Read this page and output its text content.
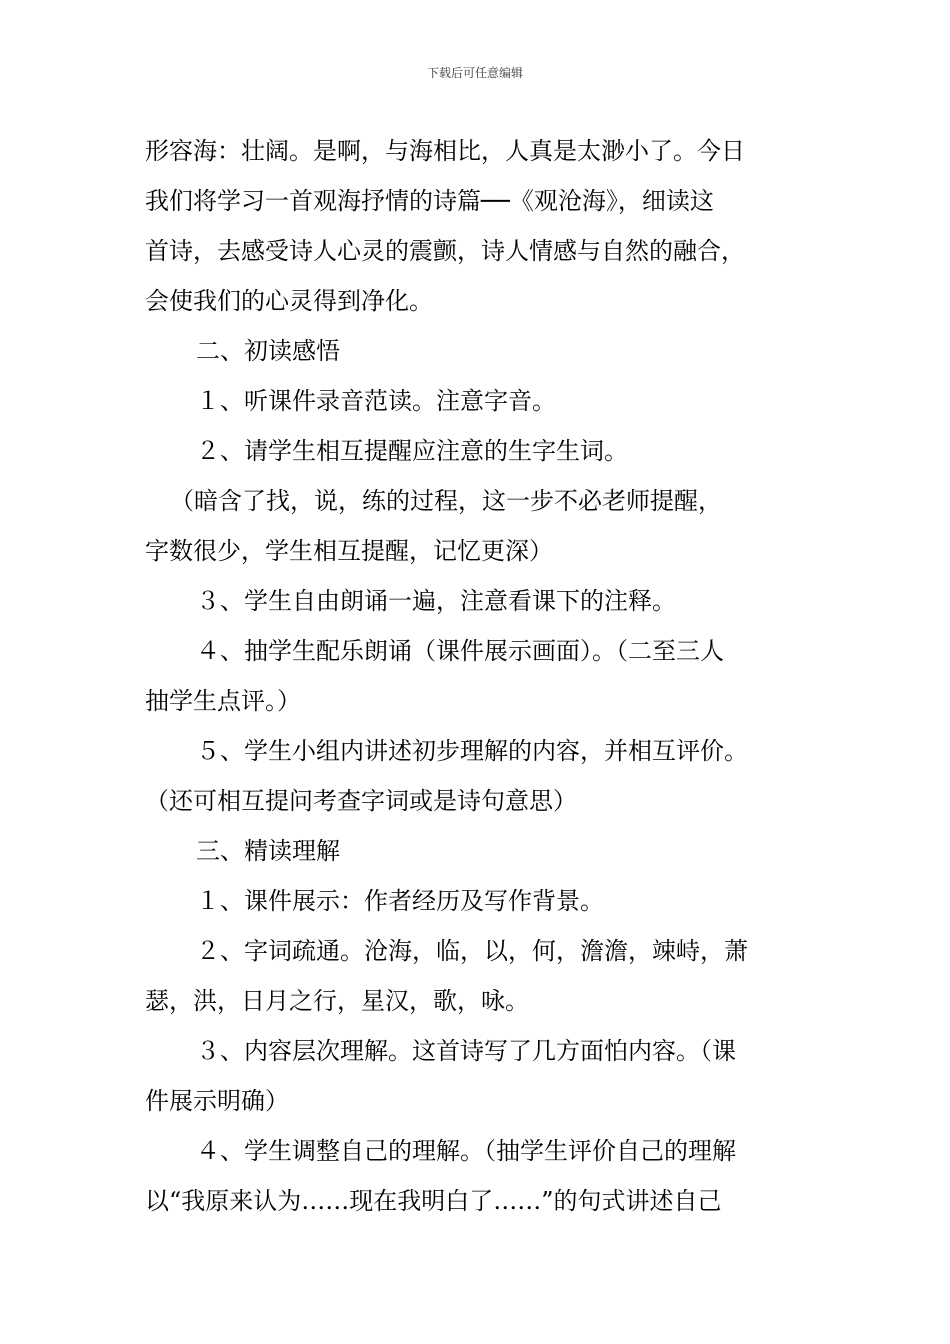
下载后可任意编辑
形容海：壮阔。是啊，与海相比，人真是太渺小了。今日
我们将学习一首观海抒情的诗篇──《观沧海》，细读这
首诗，去感受诗人心灵的震颤，诗人情感与自然的融合，
会使我们的心灵得到净化。
二、初读感悟
１、听课件录音范读。注意字音。
２、请学生相互提醒应注意的生字生词。
（暗含了找，说，练的过程，这一步不必老师提醒，
字数很少，学生相互提醒，记忆更深）
３、学生自由朗诵一遍，注意看课下的注释。
４、抽学生配乐朗诵（课件展示画面）。（二至三人
抽学生点评。）
５、学生小组内讲述初步理解的内容，并相互评价。
（还可相互提问考查字词或是诗句意思）
三、精读理解
１、课件展示：作者经历及写作背景。
２、字词疏通。沧海，临，以，何，澹澹，竦峙，萧
瑟，洪，日月之行，星汉，歌，咏。
３、内容层次理解。这首诗写了几方面怕内容。（课
件展示明确）
４、学生调整自己的理解。（抽学生评价自己的理解
以“我原来认为……现在我明白了……”的句式讲述自己
